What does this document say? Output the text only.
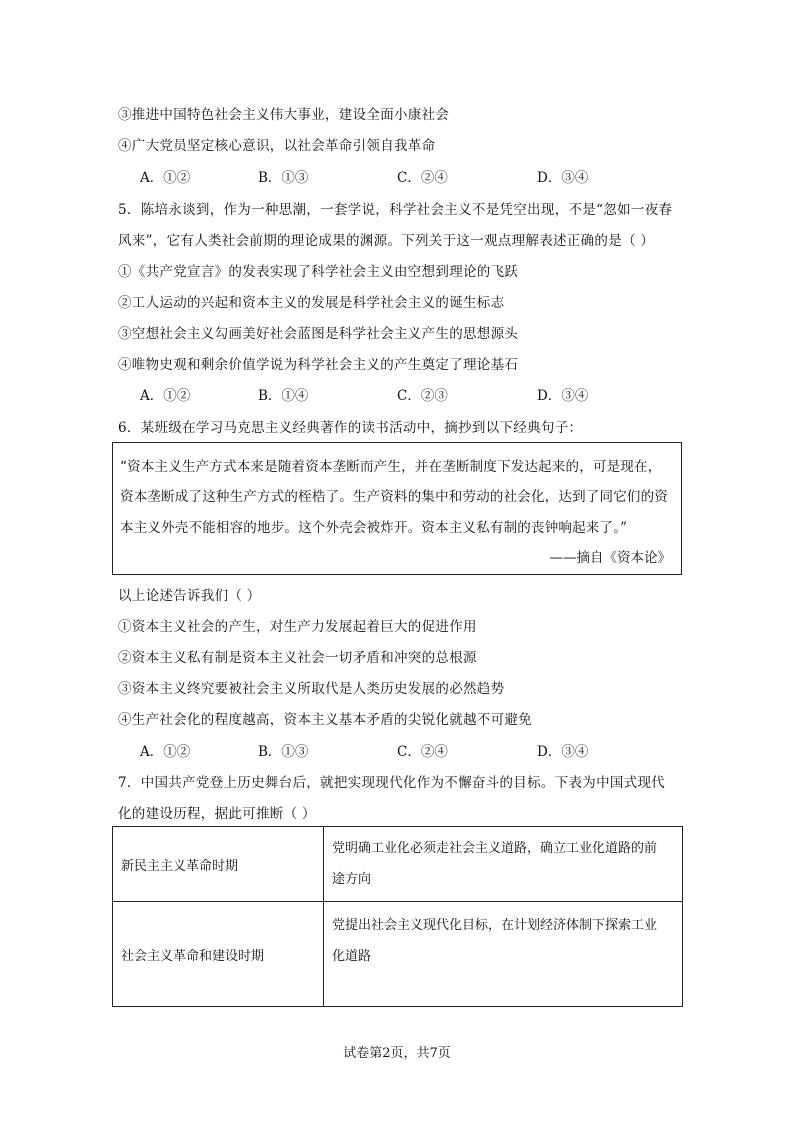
③推进中国特色社会主义伟大事业，建设全面小康社会
④广大党员坚定核心意识，以社会革命引领自我革命
A．①②	B．①③	C．②④	D．③④
5．陈培永谈到，作为一种思潮，一套学说，科学社会主义不是凭空出现，不是“忽如一夜春
风来”，它有人类社会前期的理论成果的渊源。下列关于这一观点理解表述正确的是（ ）
①《共产党宣言》的发表实现了科学社会主义由空想到理论的飞跃
②工人运动的兴起和资本主义的发展是科学社会主义的诞生标志
③空想社会主义勾画美好社会蓝图是科学社会主义产生的思想源头
④唯物史观和剩余价值学说为科学社会主义的产生奠定了理论基石
A．①②	B．①④	C．②③	D．③④
6．某班级在学习马克思主义经典著作的读书活动中，摘抄到以下经典句子：
“资本主义生产方式本来是随着资本垄断而产生，并在垄断制度下发达起来的，可是现在，
资本垄断成了这种生产方式的桎梏了。生产资料的集中和劳动的社会化，达到了同它们的资
本主义外壳不能相容的地步。这个外壳会被炸开。资本主义私有制的丧钟响起来了。”
——摘自《资本论》
以上论述告诉我们（ ）
①资本主义社会的产生，对生产力发展起着巨大的促进作用
②资本主义私有制是资本主义社会一切矛盾和冲突的总根源
③资本主义终究要被社会主义所取代是人类历史发展的必然趋势
④生产社会化的程度越高，资本主义基本矛盾的尖锐化就越不可避免
A．①②	B．①③	C．②④	D．③④
7．中国共产党登上历史舞台后，就把实现现代化作为不懈奋斗的目标。下表为中国式现代
化的建设历程，据此可推断（ ）
新民主主义革命时期	党明确工业化必须走社会主义道路，确立工业化道路的前
途方向

社会主义革命和建设时期	党提出社会主义现代化目标，在计划经济体制下探索工业
化道路
试卷第2页，共7页
